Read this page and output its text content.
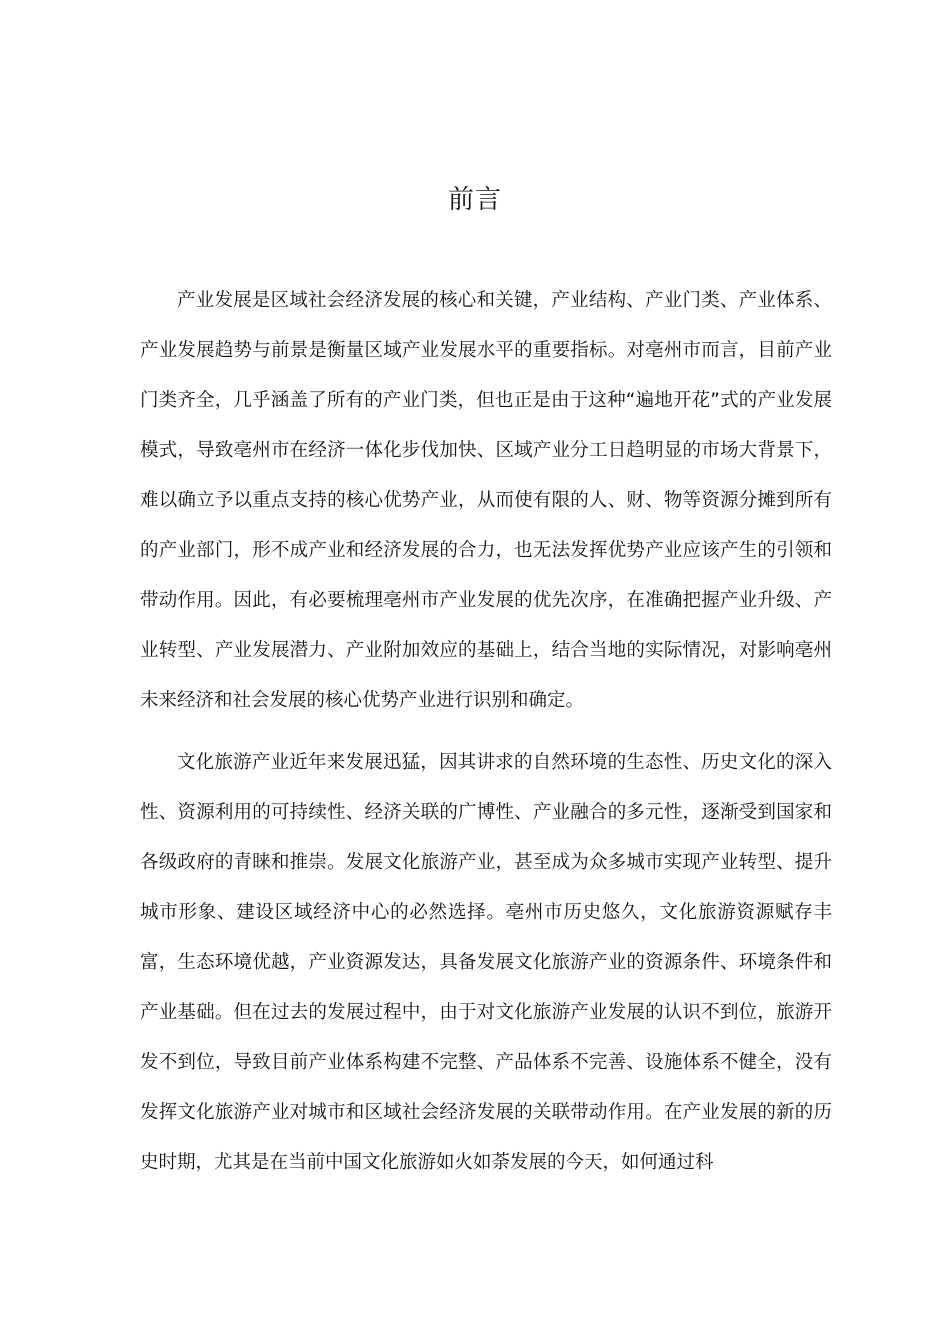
前言

产业发展是区域社会经济发展的核心和关键，产业结构、产业门类、产业体系、产业发展趋势与前景是衡量区域产业发展水平的重要指标。对亳州市而言，目前产业门类齐全，几乎涵盖了所有的产业门类，但也正是由于这种“遍地开花”式的产业发展模式，导致亳州市在经济一体化步伐加快、区域产业分工日趋明显的市场大背景下，难以确立予以重点支持的核心优势产业，从而使有限的人、财、物等资源分摊到所有的产业部门，形不成产业和经济发展的合力，也无法发挥优势产业应该产生的引领和带动作用。因此，有必要梳理亳州市产业发展的优先次序，在准确把握产业升级、产业转型、产业发展潜力、产业附加效应的基础上，结合当地的实际情况，对影响亳州未来经济和社会发展的核心优势产业进行识别和确定。

文化旅游产业近年来发展迅猛，因其讲求的自然环境的生态性、历史文化的深入性、资源利用的可持续性、经济关联的广博性、产业融合的多元性，逐渐受到国家和各级政府的青睐和推崇。发展文化旅游产业，甚至成为众多城市实现产业转型、提升城市形象、建设区域经济中心的必然选择。亳州市历史悠久，文化旅游资源赋存丰富，生态环境优越，产业资源发达，具备发展文化旅游产业的资源条件、环境条件和产业基础。但在过去的发展过程中，由于对文化旅游产业发展的认识不到位，旅游开发不到位，导致目前产业体系构建不完整、产品体系不完善、设施体系不健全，没有发挥文化旅游产业对城市和区域社会经济发展的关联带动作用。在产业发展的新的历史时期，尤其是在当前中国文化旅游如火如荼发展的今天，如何通过科
